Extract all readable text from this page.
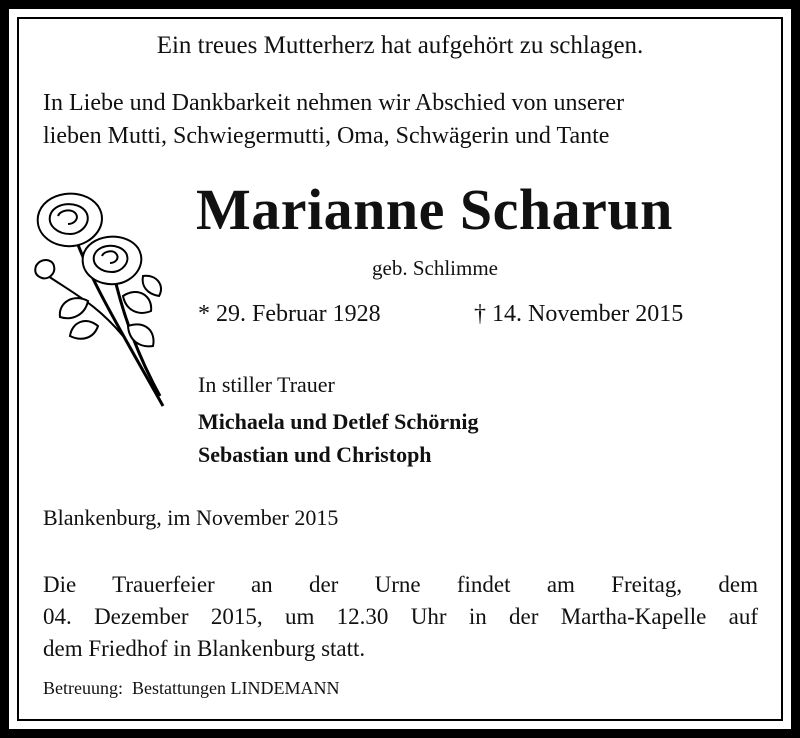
Ein treues Mutterherz hat aufgehört zu schlagen.
In Liebe und Dankbarkeit nehmen wir Abschied von unserer
lieben Mutti, Schwiegermutti, Oma, Schwägerin und Tante
Marianne Scharun
geb. Schlimme
* 29. Februar 1928	† 14. November 2015
In stiller Trauer
Michaela und Detlef Schörnig
Sebastian und Christoph
Blankenburg, im November 2015
Die Trauerfeier an der Urne findet am Freitag, dem
04. Dezember 2015, um 12.30 Uhr in der Martha-Kapelle auf
dem Friedhof in Blankenburg statt.
Betreuung:  Bestattungen LINDEMANN
